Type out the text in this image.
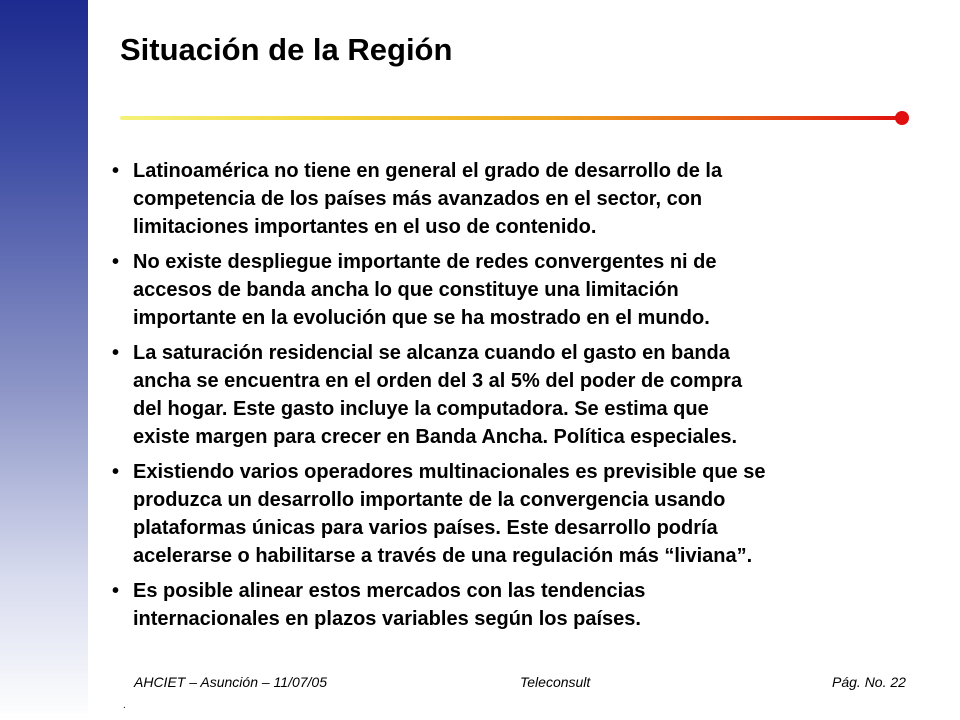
Situación de la Región
• Latinoamérica no tiene en general el grado de desarrollo de la
competencia de los países más avanzados en el sector, con
limitaciones importantes en el uso de contenido.
• No existe despliegue importante de redes convergentes ni de
accesos de banda ancha lo que constituye una limitación
importante en la evolución que se ha mostrado en el mundo.
• La saturación residencial se alcanza cuando el gasto en banda
ancha se encuentra en el orden del 3 al 5% del poder de compra
del hogar. Este gasto incluye la computadora. Se estima que
existe margen para crecer en Banda Ancha. Política especiales.
• Existiendo varios operadores multinacionales es previsible que se
produzca un desarrollo importante de la convergencia usando
plataformas únicas para varios países. Este desarrollo podría
acelerarse o habilitarse a través de una regulación más “liviana”.
• Es posible alinear estos mercados con las tendencias
internacionales en plazos variables según los países.
AHCIET – Asunción – 11/07/05	Teleconsult	Pág. No. 22
.
